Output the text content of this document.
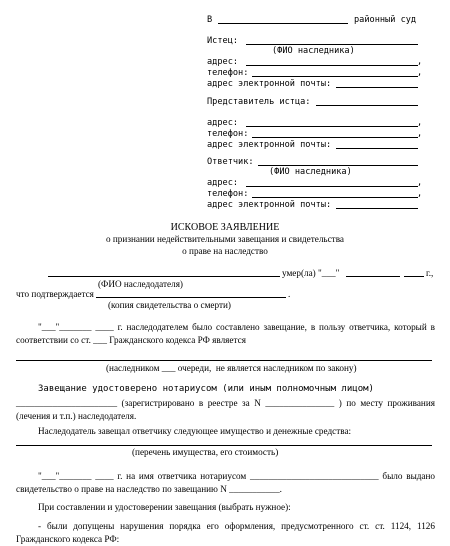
В	районный суд
Истец:
(ФИО наследника)
адрес:	,
телефон:	,
адрес электронной почты:
Представитель истца:
адрес:	,
телефон:	,
адрес электронной почты:
Ответчик:
(ФИО наследника)
адрес:	,
телефон:	,
адрес электронной почты:
ИСКОВОЕ ЗАЯВЛЕНИЕ
о признании недействительными завещания и свидетельства
о праве на наследство
умер(ла) "___"	г.,
(ФИО наследодателя)
что подтверждается	.
(копия свидетельства о смерти)
"___"_______ ____ г. наследодателем было составлено завещание, в пользу ответчика, который в соответствии со ст. ___ Гражданского кодекса РФ является
(наследником ___ очереди,  не является наследником по закону)
Завещание удостоверено нотариусом (или иным полномочным лицом)
______________________ (зарегистрировано в реестре за N _______________ ) по месту проживания (лечения и т.п.) наследодателя.
Наследодатель завещал ответчику следующее имущество и денежные средства:
(перечень имущества, его стоимость)
"___"_______ ____ г. на имя ответчика нотариусом ____________________________ было выдано свидетельство о праве на наследство по завещанию N ___________.
При составлении и удостоверении завещания (выбрать нужное):
- были допущены нарушения порядка его оформления, предусмотренного ст. ст. 1124, 1126 Гражданского кодекса РФ:
